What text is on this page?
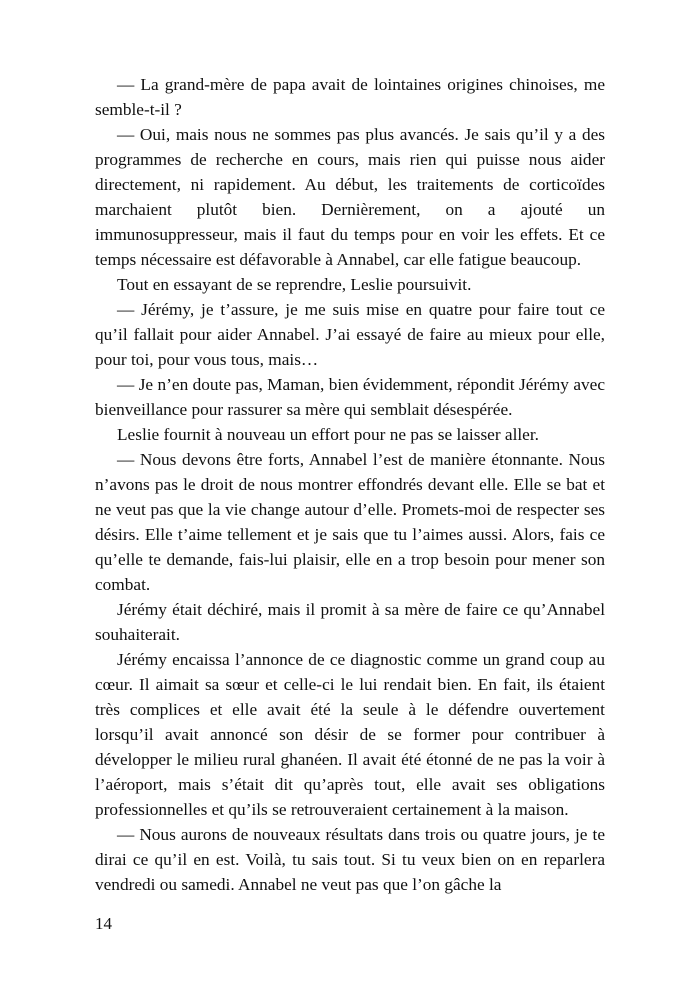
— La grand-mère de papa avait de lointaines origines chinoises, me semble-t-il ?

— Oui, mais nous ne sommes pas plus avancés. Je sais qu’il y a des programmes de recherche en cours, mais rien qui puisse nous aider directement, ni rapidement. Au début, les traitements de corticoïdes marchaient plutôt bien. Dernièrement, on a ajouté un immunosuppresseur, mais il faut du temps pour en voir les effets. Et ce temps nécessaire est défavorable à Annabel, car elle fatigue beaucoup.

Tout en essayant de se reprendre, Leslie poursuivit.

— Jérémy, je t’assure, je me suis mise en quatre pour faire tout ce qu’il fallait pour aider Annabel. J’ai essayé de faire au mieux pour elle, pour toi, pour vous tous, mais…

— Je n’en doute pas, Maman, bien évidemment, répondit Jérémy avec bienveillance pour rassurer sa mère qui semblait désespérée.

Leslie fournit à nouveau un effort pour ne pas se laisser aller.

— Nous devons être forts, Annabel l’est de manière étonnante. Nous n’avons pas le droit de nous montrer effondrés devant elle. Elle se bat et ne veut pas que la vie change autour d’elle. Promets-moi de respecter ses désirs. Elle t’aime tellement et je sais que tu l’aimes aussi. Alors, fais ce qu’elle te demande, fais-lui plaisir, elle en a trop besoin pour mener son combat.

Jérémy était déchiré, mais il promit à sa mère de faire ce qu’Annabel souhaiterait.

Jérémy encaissa l’annonce de ce diagnostic comme un grand coup au cœur. Il aimait sa sœur et celle-ci le lui rendait bien. En fait, ils étaient très complices et elle avait été la seule à le défendre ouvertement lorsqu’il avait annoncé son désir de se former pour contribuer à développer le milieu rural ghanéen. Il avait été étonné de ne pas la voir à l’aéroport, mais s’était dit qu’après tout, elle avait ses obligations professionnelles et qu’ils se retrouveraient certainement à la maison.

— Nous aurons de nouveaux résultats dans trois ou quatre jours, je te dirai ce qu’il en est. Voilà, tu sais tout. Si tu veux bien on en reparlera vendredi ou samedi. Annabel ne veut pas que l’on gâche la

14
